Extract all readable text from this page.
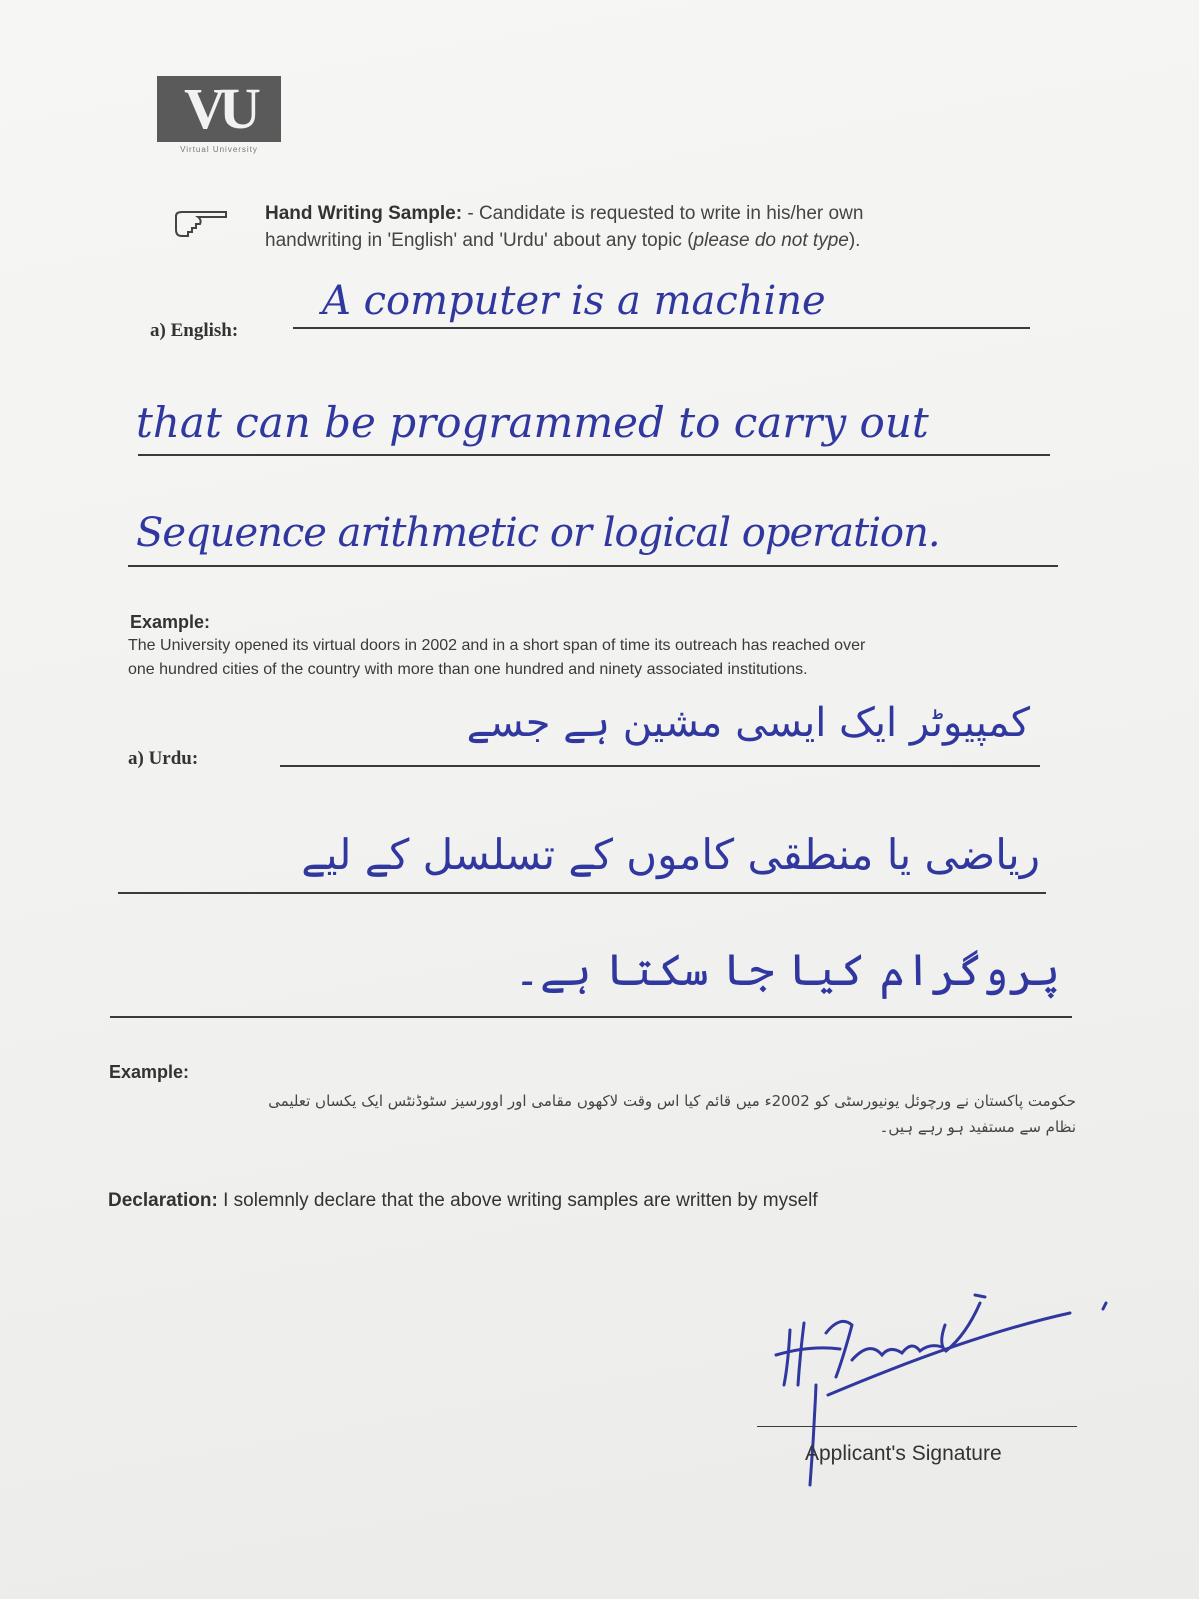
VU
Virtual University
Hand Writing Sample: - Candidate is requested to write in his/her own
handwriting in 'English' and 'Urdu' about any topic (please do not type).
a) English:
A computer is a machine
that can be programmed to carry out
Sequence arithmetic or logical operation.
Example:
The University opened its virtual doors in 2002 and in a short span of time its outreach has reached over
one hundred cities of the country with more than one hundred and ninety associated institutions.
a) Urdu:
کمپیوٹر ایک ایسی مشین ہے جسے
ریاضی یا منطقی کاموں کے تسلسل کے لیے
پروگرام کیا جا سکتا ہے۔
Example:
حکومت پاکستان نے ورچوئل یونیورسٹی کو 2002ء میں قائم کیا اس وقت لاکھوں مقامی اور اوورسیز سٹوڈنٹس ایک یکساں تعلیمی
نظام سے مستفید ہو رہے ہیں۔
Declaration: I solemnly declare that the above writing samples are written by myself
Applicant's Signature
